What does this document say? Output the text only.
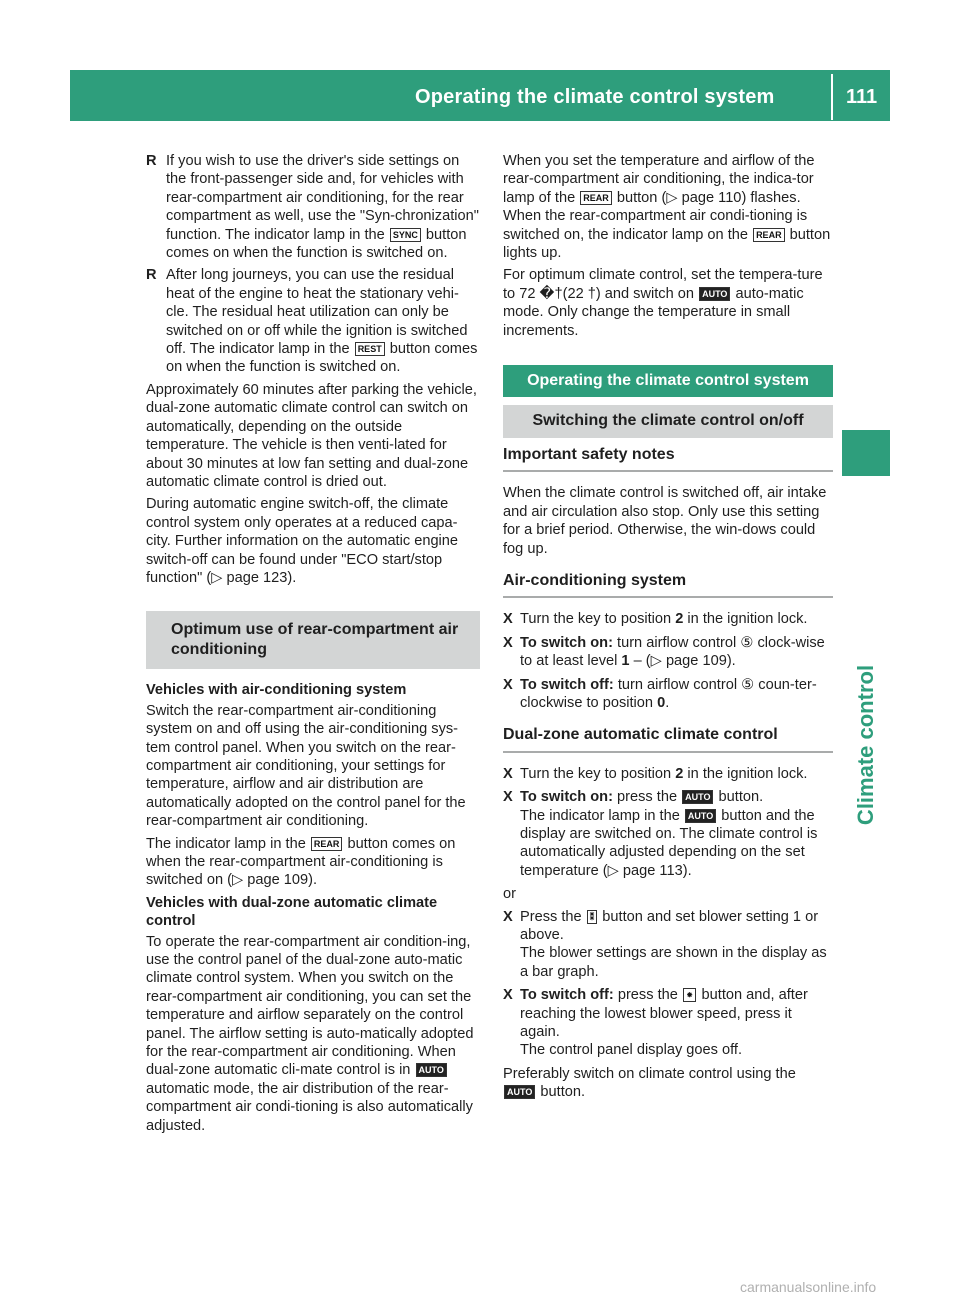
Operating the climate control system	111
Climate control
R If you wish to use the driver's side settings on the front-passenger side and, for vehicles with rear-compartment air conditioning, for the rear compartment as well, use the "Syn-chronization" function. The indicator lamp in the SYNC button comes on when the function is switched on.
R After long journeys, you can use the residual heat of the engine to heat the stationary vehi-cle. The residual heat utilization can only be switched on or off while the ignition is switched off. The indicator lamp in the REST button comes on when the function is switched on.

Approximately 60 minutes after parking the vehicle, dual-zone automatic climate control can switch on automatically, depending on the outside temperature. The vehicle is then venti-lated for about 30 minutes at low fan setting and dual-zone automatic climate control is dried out.

During automatic engine switch-off, the climate control system only operates at a reduced capa-city. Further information on the automatic engine switch-off can be found under "ECO start/stop function" (▷ page 123).

Optimum use of rear-compartment air conditioning
Vehicles with air-conditioning system

Switch the rear-compartment air-conditioning system on and off using the air-conditioning sys-tem control panel. When you switch on the rear-compartment air conditioning, your settings for temperature, airflow and air distribution are automatically adopted on the control panel for the rear-compartment air conditioning.

The indicator lamp in the REAR button comes on when the rear-compartment air-conditioning is switched on (▷ page 109).

Vehicles with dual-zone automatic climate control

To operate the rear-compartment air condition-ing, use the control panel of the dual-zone auto-matic climate control system. When you switch on the rear-compartment air conditioning, you can set the temperature and airflow separately on the control panel. The airflow setting is auto-matically adopted for the rear-compartment air conditioning. When dual-zone automatic cli-mate control is in AUTO automatic mode, the air distribution of the rear-compartment air condi-tioning is also automatically adjusted.

When you set the temperature and airflow of the rear-compartment air conditioning, the indica-tor lamp of the REAR button (▷ page 110) flashes. When the rear-compartment air condi-tioning is switched on, the indicator lamp on the REAR button lights up.

For optimum climate control, set the tempera-ture to 72 �†(22 †) and switch on AUTO auto-matic mode. Only change the temperature in small increments.

Operating the climate control system
Switching the climate control on/off
Important safety notes

When the climate control is switched off, air intake and air circulation also stop. Only use this setting for a brief period. Otherwise, the win-dows could fog up.

Air-conditioning system
X Turn the key to position 2 in the ignition lock.
X To switch on: turn airflow control ⑤ clock-wise to at least level 1 – (▷ page 109).
X To switch off: turn airflow control ⑤ coun-ter-clockwise to position 0.
Dual-zone automatic climate control
X Turn the key to position 2 in the ignition lock.
X To switch on: press the AUTO button.
The indicator lamp in the AUTO button and the display are switched on. The climate control is automatically adjusted depending on the set temperature (▷ page 113).

or

X Press the ⁑ button and set blower setting 1 or above.
The blower settings are shown in the display as a bar graph.
X To switch off: press the ⁕ button and, after reaching the lowest blower speed, press it again.
The control panel display goes off.

Preferably switch on climate control using the
AUTO button.

carmanualsonline.info
